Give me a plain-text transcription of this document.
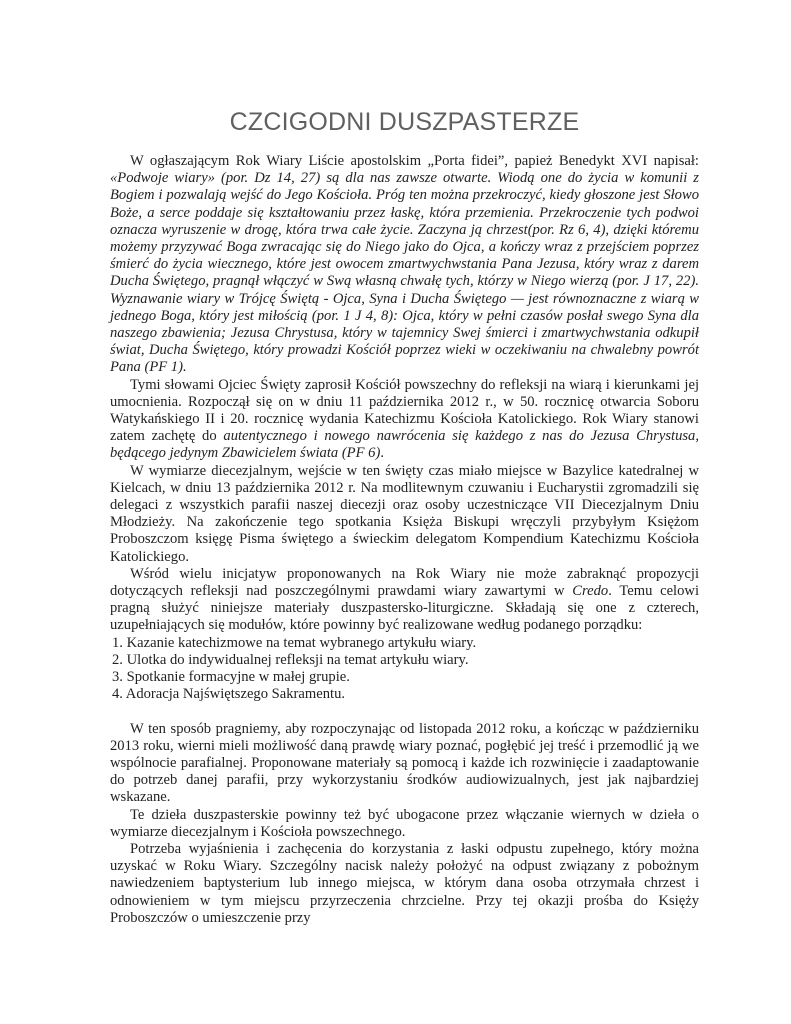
CZCIGODNI DUSZPASTERZE

W ogłaszającym Rok Wiary Liście apostolskim „Porta fidei”, papież Benedykt XVI napisał: «Podwoje wiary» (por. Dz 14, 27) są dla nas zawsze otwarte. Wiodą one do życia w komunii z Bogiem i pozwalają wejść do Jego Kościoła. Próg ten można przekroczyć, kiedy głoszone jest Słowo Boże, a serce poddaje się kształtowaniu przez łaskę, która przemienia. Przekroczenie tych podwoi oznacza wyruszenie w drogę, która trwa całe życie. Zaczyna ją chrzest(por. Rz 6, 4), dzięki któremu możemy przyzywać Boga zwracając się do Niego jako do Ojca, a kończy wraz z przejściem poprzez śmierć do życia wiecznego, które jest owocem zmartwychwstania Pana Jezusa, który wraz z darem Ducha Świętego, pragnął włączyć w Swą własną chwałę tych, którzy w Niego wierzą (por. J 17, 22). Wyznawanie wiary w Trójcę Świętą - Ojca, Syna i Ducha Świętego — jest równoznaczne z wiarą w jednego Boga, który jest miłością (por. 1 J 4, 8): Ojca, który w pełni czasów posłał swego Syna dla naszego zbawienia; Jezusa Chrystusa, który w tajemnicy Swej śmierci i zmartwychwstania odkupił świat, Ducha Świętego, który prowadzi Kościół poprzez wieki w oczekiwaniu na chwalebny powrót Pana (PF 1).

Tymi słowami Ojciec Święty zaprosił Kościół powszechny do refleksji na wiarą i kierunkami jej umocnienia. Rozpoczął się on w dniu 11 października 2012 r., w 50. rocznicę otwarcia Soboru Watykańskiego II i 20. rocznicę wydania Katechizmu Kościoła Katolickiego. Rok Wiary stanowi zatem zachętę do autentycznego i nowego nawrócenia się każdego z nas do Jezusa Chrystusa, będącego jedynym Zbawicielem świata (PF 6).

W wymiarze diecezjalnym, wejście w ten święty czas miało miejsce w Bazylice katedralnej w Kielcach, w dniu 13 października 2012 r. Na modlitewnym czuwaniu i Eucharystii zgromadzili się delegaci z wszystkich parafii naszej diecezji oraz osoby uczestniczące VII Diecezjalnym Dniu Młodzieży. Na zakończenie tego spotkania Księża Biskupi wręczyli przybyłym Księżom Proboszczom księgę Pisma świętego a świeckim delegatom Kompendium Katechizmu Kościoła Katolickiego.

Wśród wielu inicjatyw proponowanych na Rok Wiary nie może zabraknąć propozycji dotyczących refleksji nad poszczególnymi prawdami wiary zawartymi w Credo. Temu celowi pragną służyć niniejsze materiały duszpastersko-liturgiczne. Składają się one z czterech, uzupełniających się modułów, które powinny być realizowane według podanego porządku:

1. Kazanie katechizmowe na temat wybranego artykułu wiary.
2. Ulotka do indywidualnej refleksji na temat artykułu wiary.
3. Spotkanie formacyjne w małej grupie.
4. Adoracja Najświętszego Sakramentu.

W ten sposób pragniemy, aby rozpoczynając od listopada 2012 roku, a kończąc w październiku 2013 roku, wierni mieli możliwość daną prawdę wiary poznać, pogłębić jej treść i przemodlić ją we wspólnocie parafialnej. Proponowane materiały są pomocą i każde ich rozwinięcie i zaadaptowanie do potrzeb danej parafii, przy wykorzystaniu środków audiowizualnych, jest jak najbardziej wskazane.

Te dzieła duszpasterskie powinny też być ubogacone przez włączanie wiernych w dzieła o wymiarze diecezjalnym i Kościoła powszechnego.

Potrzeba wyjaśnienia i zachęcenia do korzystania z łaski odpustu zupełnego, który można uzyskać w Roku Wiary. Szczególny nacisk należy położyć na odpust związany z pobożnym nawiedzeniem baptysterium lub innego miejsca, w którym dana osoba otrzymała chrzest i odnowieniem w tym miejscu przyrzeczenia chrzcielne. Przy tej okazji prośba do Księży Proboszczów o umieszczenie przy
